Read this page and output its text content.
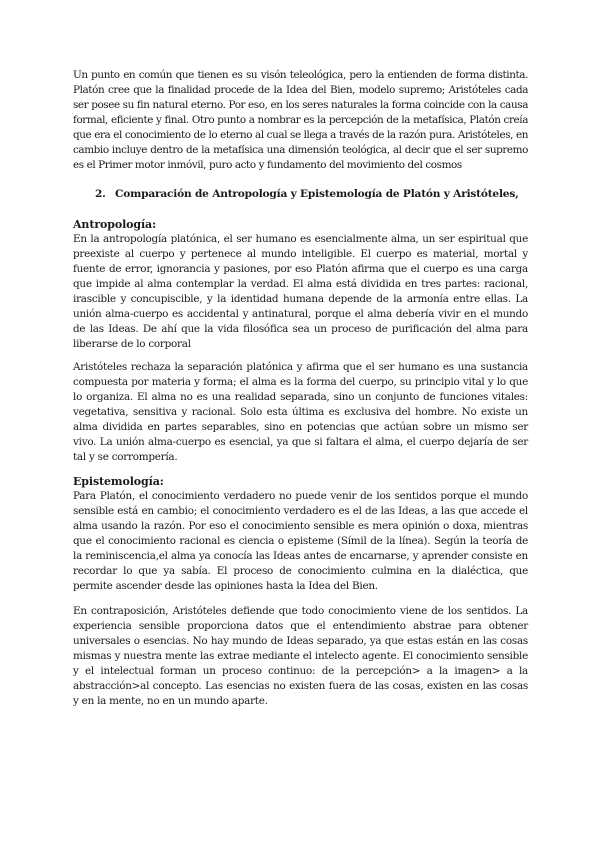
Un punto en común que tienen es su visón teleológica, pero la entienden de forma distinta. Platón cree que la finalidad procede de la Idea del Bien, modelo supremo; Aristóteles cada ser posee su fin natural eterno. Por eso, en los seres naturales la forma coincide con la causa formal, eficiente y final. Otro punto a nombrar es la percepción de la metafísica, Platón creía que era el conocimiento de lo eterno al cual se llega a través de la razón pura. Aristóteles, en cambio incluye dentro de la metafísica una dimensión teológica, al decir que el ser supremo es el Primer motor inmóvil, puro acto y fundamento del movimiento del cosmos

2. Comparación de Antropología y Epistemología de Platón y Aristóteles,

Antropología:

En la antropología platónica, el ser humano es esencialmente alma, un ser espiritual que preexiste al cuerpo y pertenece al mundo inteligible. El cuerpo es material, mortal y fuente de error, ignorancia y pasiones, por eso Platón afirma que el cuerpo es una carga que impide al alma contemplar la verdad. El alma está dividida en tres partes: racional, irascible y concupiscible, y la identidad humana depende de la armonía entre ellas. La unión alma-cuerpo es accidental y antinatural, porque el alma debería vivir en el mundo de las Ideas. De ahí que la vida filosófica sea un proceso de purificación del alma para liberarse de lo corporal

Aristóteles rechaza la separación platónica y afirma que el ser humano es una sustancia compuesta por materia y forma; el alma es la forma del cuerpo, su principio vital y lo que lo organiza. El alma no es una realidad separada, sino un conjunto de funciones vitales: vegetativa, sensitiva y racional. Solo esta última es exclusiva del hombre. No existe un alma dividida en partes separables, sino en potencias que actúan sobre un mismo ser vivo. La unión alma-cuerpo es esencial, ya que si faltara el alma, el cuerpo dejaría de ser tal y se corrompería.

Epistemología:

Para Platón, el conocimiento verdadero no puede venir de los sentidos porque el mundo sensible está en cambio; el conocimiento verdadero es el de las Ideas, a las que accede el alma usando la razón. Por eso el conocimiento sensible es mera opinión o doxa, mientras que el conocimiento racional es ciencia o episteme (Símil de la línea). Según la teoría de la reminiscencia,el alma ya conocía las Ideas antes de encarnarse, y aprender consiste en recordar lo que ya sabía. El proceso de conocimiento culmina en la dialéctica, que permite ascender desde las opiniones hasta la Idea del Bien.

En contraposición, Aristóteles defiende que todo conocimiento viene de los sentidos. La experiencia sensible proporciona datos que el entendimiento abstrae para obtener universales o esencias. No hay mundo de Ideas separado, ya que estas están en las cosas mismas y nuestra mente las extrae mediante el intelecto agente. El conocimiento sensible y el intelectual forman un proceso continuo: de la percepción> a la imagen> a la abstracción>al concepto. Las esencias no existen fuera de las cosas, existen en las cosas y en la mente, no en un mundo aparte.
